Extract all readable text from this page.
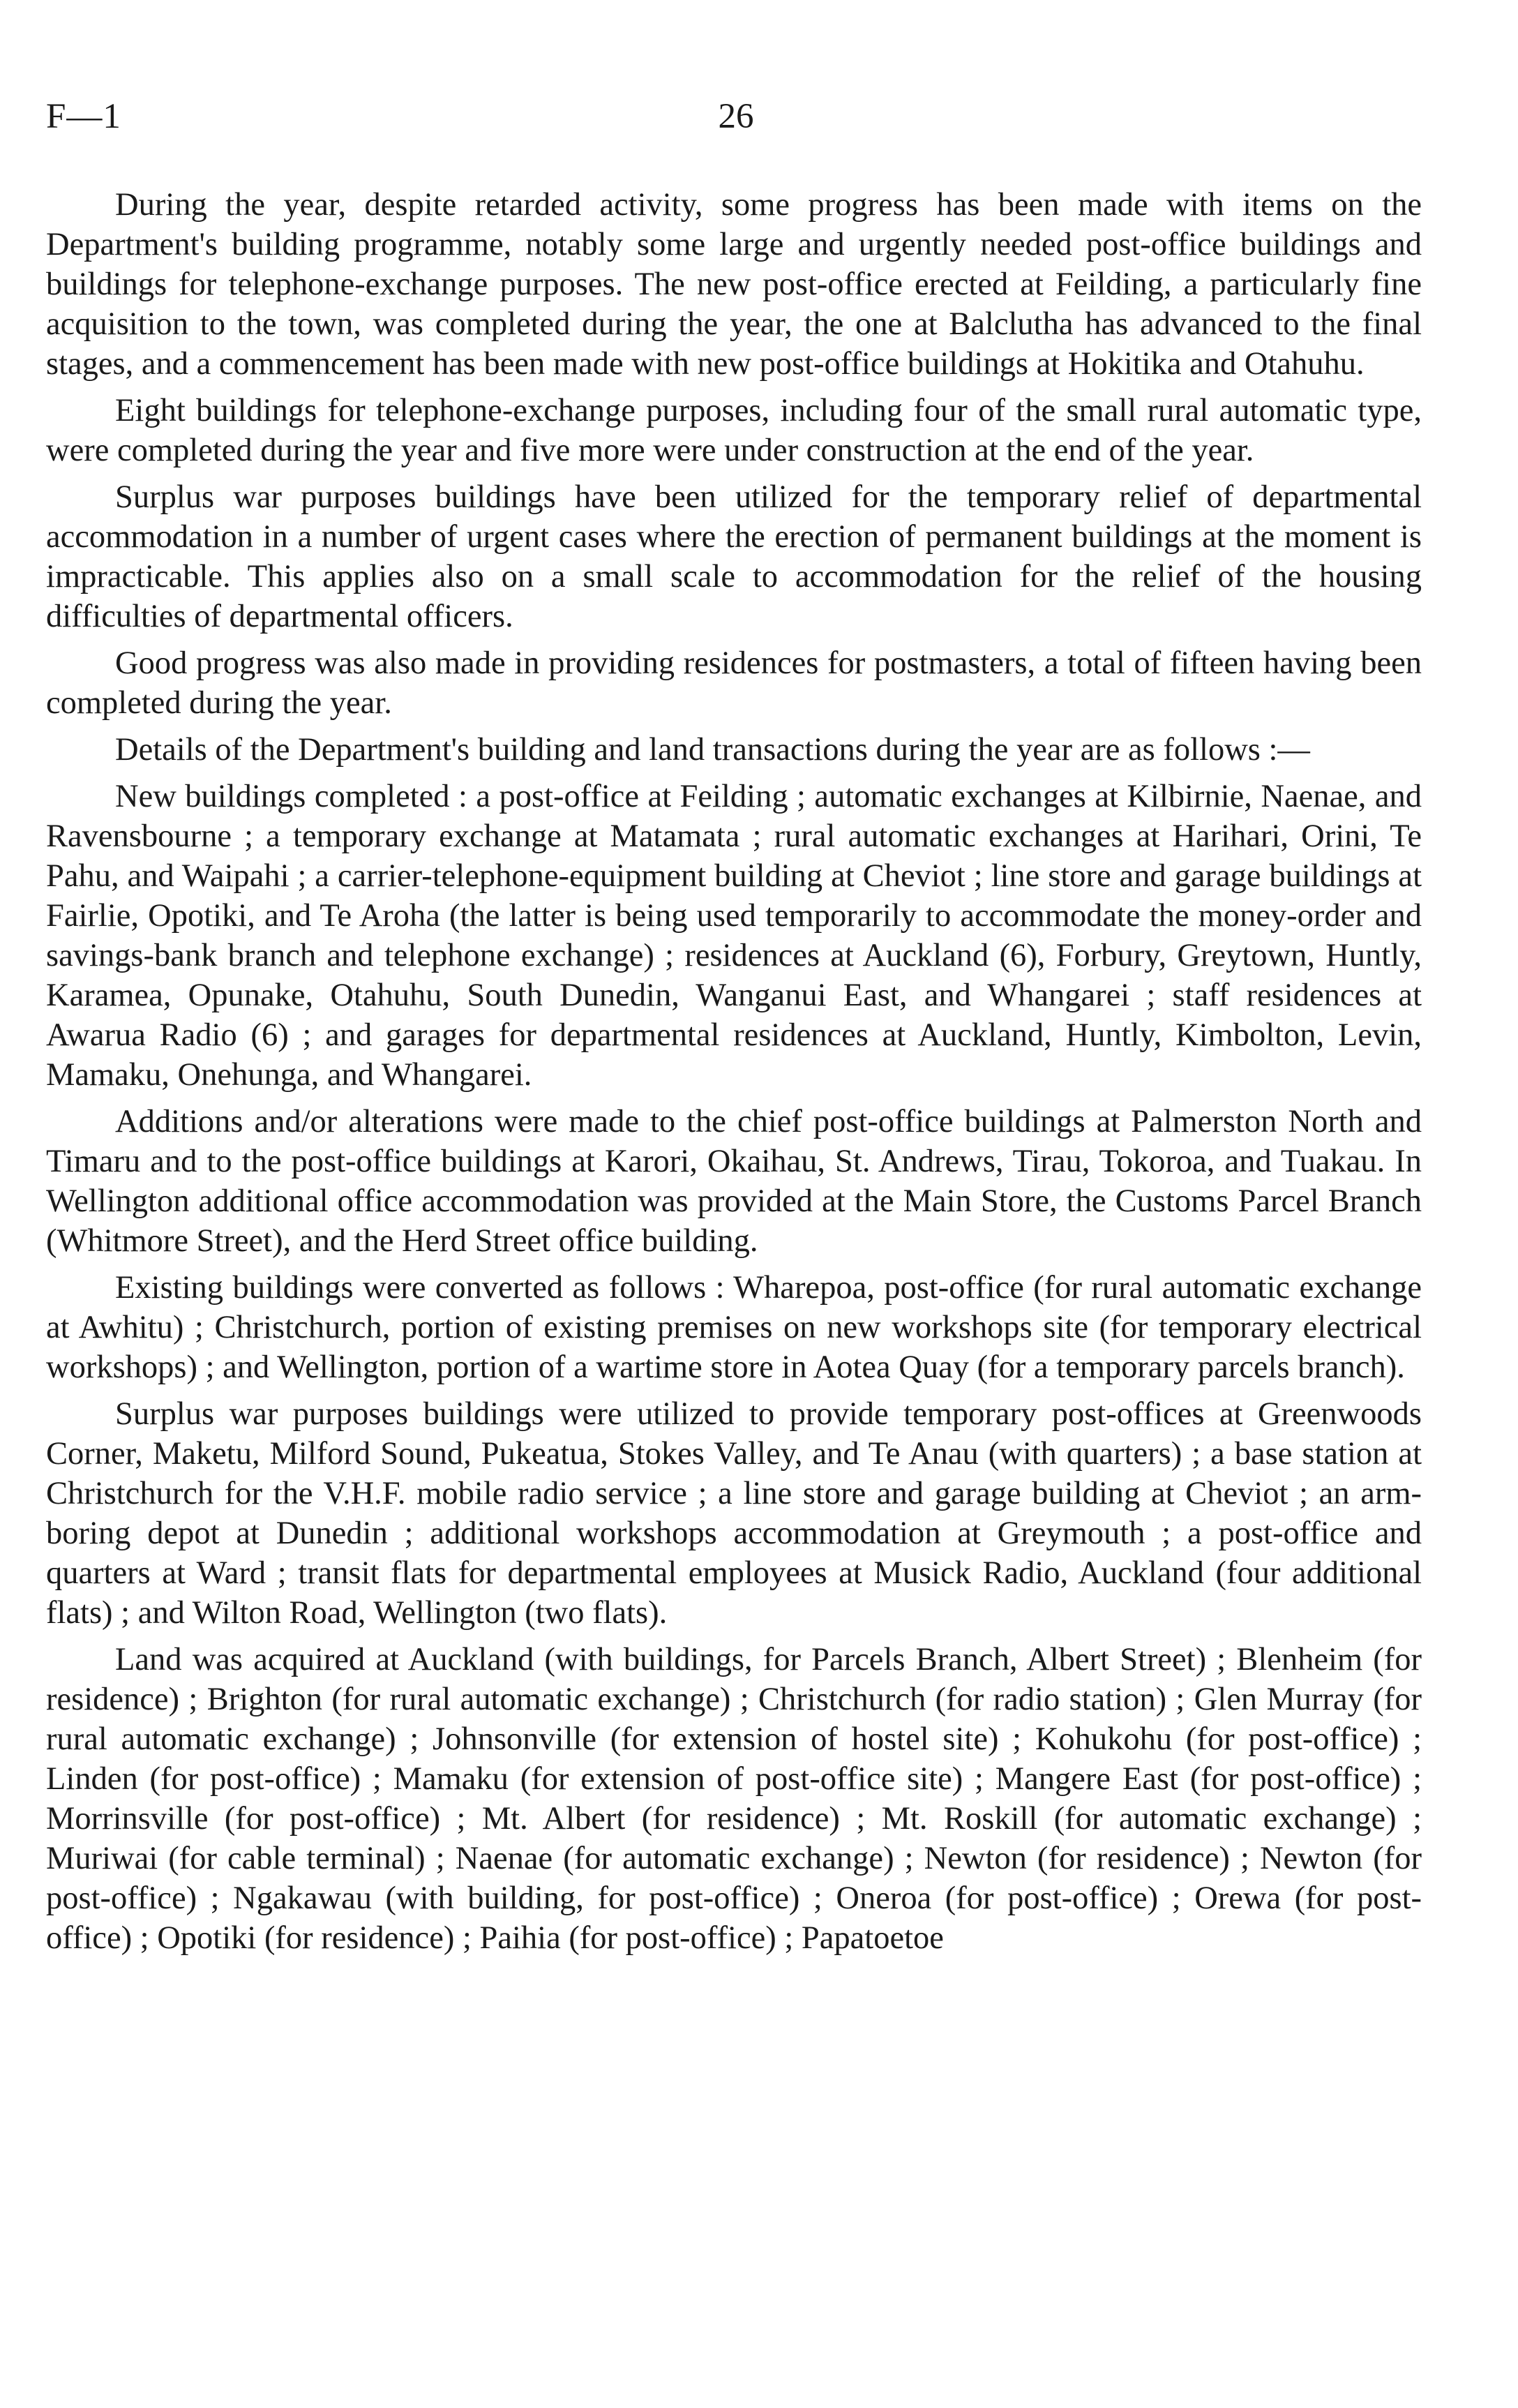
F—1	26

During the year, despite retarded activity, some progress has been made with items on the Department's building programme, notably some large and urgently needed post-office buildings and buildings for telephone-exchange purposes. The new post-office erected at Feilding, a particularly fine acquisition to the town, was completed during the year, the one at Balclutha has advanced to the final stages, and a commencement has been made with new post-office buildings at Hokitika and Otahuhu.

Eight buildings for telephone-exchange purposes, including four of the small rural automatic type, were completed during the year and five more were under construction at the end of the year.

Surplus war purposes buildings have been utilized for the temporary relief of departmental accommodation in a number of urgent cases where the erection of permanent buildings at the moment is impracticable. This applies also on a small scale to accommodation for the relief of the housing difficulties of departmental officers.

Good progress was also made in providing residences for postmasters, a total of fifteen having been completed during the year.

Details of the Department's building and land transactions during the year are as follows :—

New buildings completed : a post-office at Feilding ; automatic exchanges at Kilbirnie, Naenae, and Ravensbourne ; a temporary exchange at Matamata ; rural automatic exchanges at Harihari, Orini, Te Pahu, and Waipahi ; a carrier-telephone-equipment building at Cheviot ; line store and garage buildings at Fairlie, Opotiki, and Te Aroha (the latter is being used temporarily to accommodate the money-order and savings-bank branch and telephone exchange) ; residences at Auckland (6), Forbury, Greytown, Huntly, Karamea, Opunake, Otahuhu, South Dunedin, Wanganui East, and Whangarei ; staff residences at Awarua Radio (6) ; and garages for departmental residences at Auckland, Huntly, Kimbolton, Levin, Mamaku, Onehunga, and Whangarei.

Additions and/or alterations were made to the chief post-office buildings at Palmerston North and Timaru and to the post-office buildings at Karori, Okaihau, St. Andrews, Tirau, Tokoroa, and Tuakau. In Wellington additional office accommodation was provided at the Main Store, the Customs Parcel Branch (Whitmore Street), and the Herd Street office building.

Existing buildings were converted as follows : Wharepoa, post-office (for rural automatic exchange at Awhitu) ; Christchurch, portion of existing premises on new workshops site (for temporary electrical workshops) ; and Wellington, portion of a wartime store in Aotea Quay (for a temporary parcels branch).

Surplus war purposes buildings were utilized to provide temporary post-offices at Greenwoods Corner, Maketu, Milford Sound, Pukeatua, Stokes Valley, and Te Anau (with quarters) ; a base station at Christchurch for the V.H.F. mobile radio service ; a line store and garage building at Cheviot ; an arm-boring depot at Dunedin ; additional workshops accommodation at Greymouth ; a post-office and quarters at Ward ; transit flats for departmental employees at Musick Radio, Auckland (four additional flats) ; and Wilton Road, Wellington (two flats).

Land was acquired at Auckland (with buildings, for Parcels Branch, Albert Street) ; Blenheim (for residence) ; Brighton (for rural automatic exchange) ; Christchurch (for radio station) ; Glen Murray (for rural automatic exchange) ; Johnsonville (for extension of hostel site) ; Kohukohu (for post-office) ; Linden (for post-office) ; Mamaku (for extension of post-office site) ; Mangere East (for post-office) ; Morrinsville (for post-office) ; Mt. Albert (for residence) ; Mt. Roskill (for automatic exchange) ; Muriwai (for cable terminal) ; Naenae (for automatic exchange) ; Newton (for residence) ; Newton (for post-office) ; Ngakawau (with building, for post-office) ; Oneroa (for post-office) ; Orewa (for post-office) ; Opotiki (for residence) ; Paihia (for post-office) ; Papatoetoe
